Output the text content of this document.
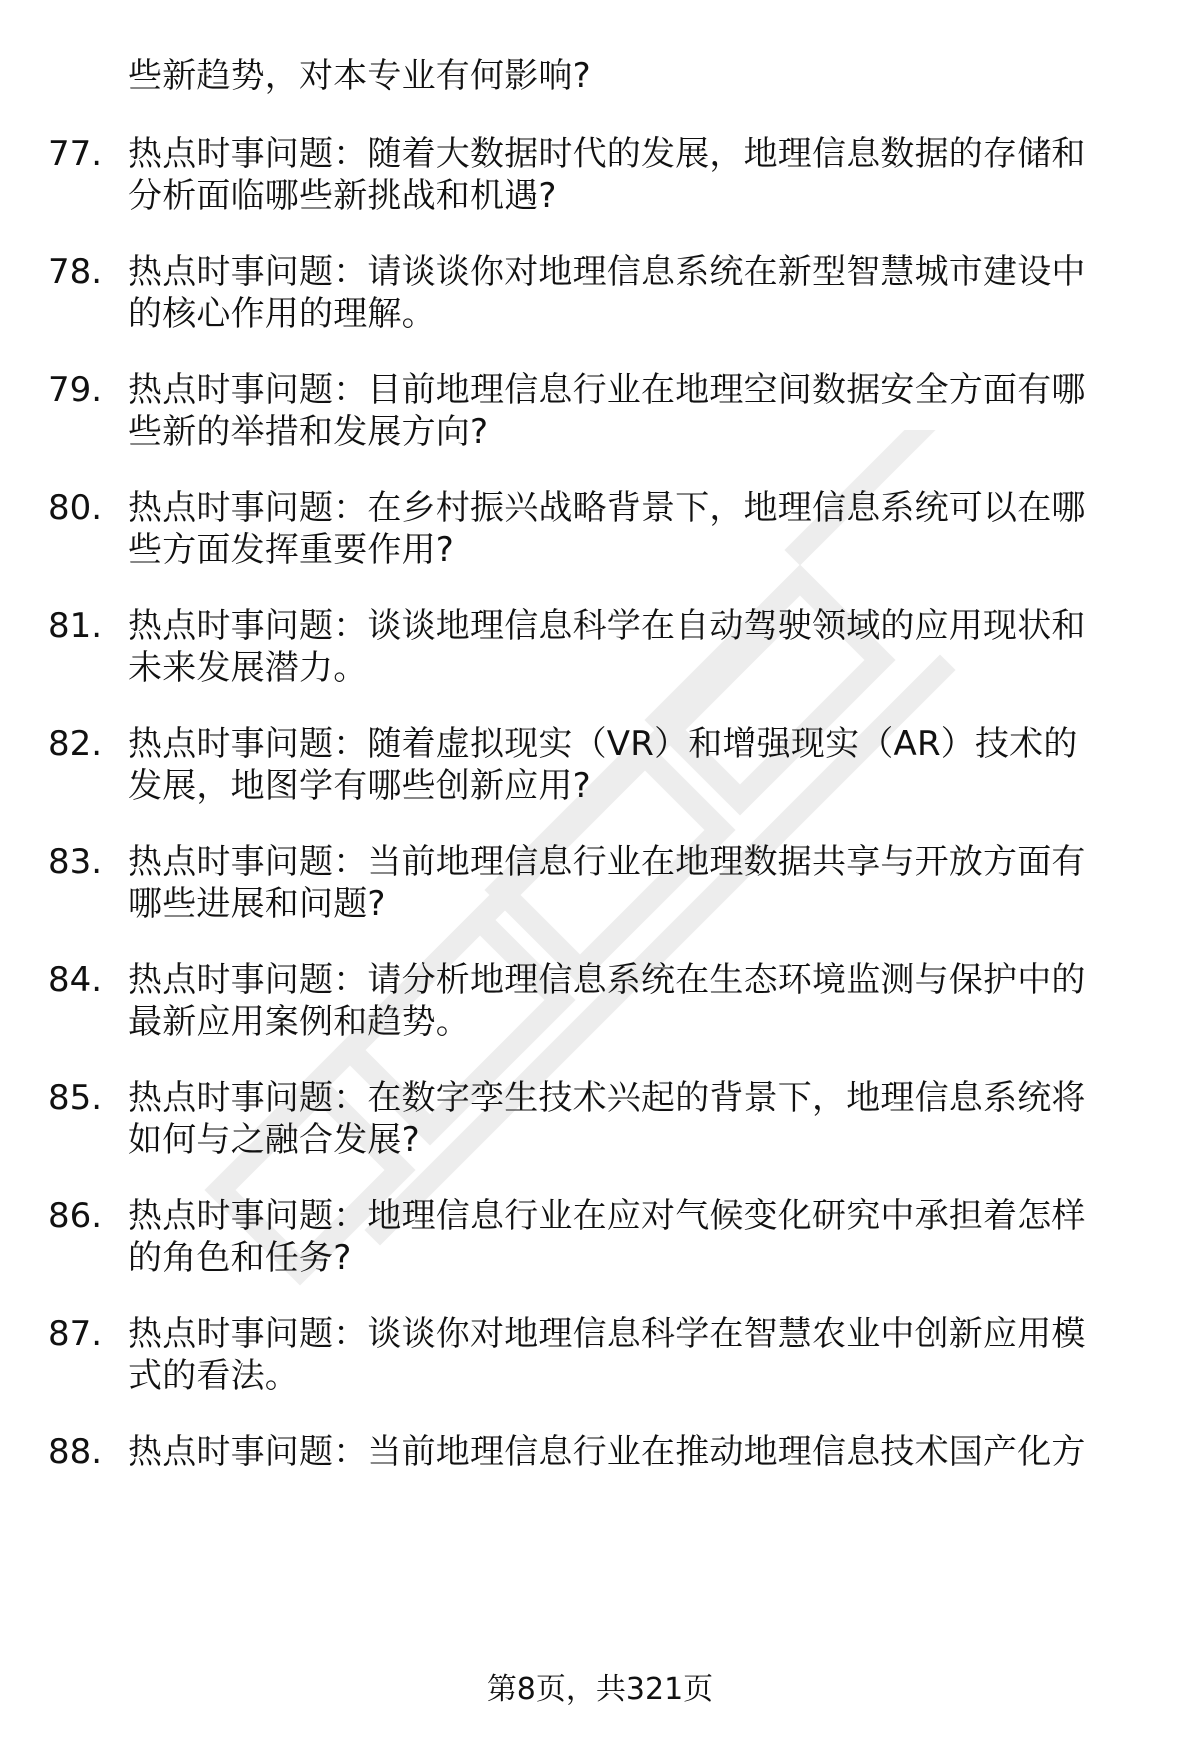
些新趋势，对本专业有何影响?
77. 热点时事问题：随着大数据时代的发展，地理信息数据的存储和
分析面临哪些新挑战和机遇?
78. 热点时事问题：请谈谈你对地理信息系统在新型智慧城市建设中
的核心作用的理解。
79. 热点时事问题：目前地理信息行业在地理空间数据安全方面有哪
些新的举措和发展方向?
80. 热点时事问题：在乡村振兴战略背景下，地理信息系统可以在哪
些方面发挥重要作用?
81. 热点时事问题：谈谈地理信息科学在自动驾驶领域的应用现状和
未来发展潜力。
82. 热点时事问题：随着虚拟现实（VR）和增强现实（AR）技术的
发展，地图学有哪些创新应用?
83. 热点时事问题：当前地理信息行业在地理数据共享与开放方面有
哪些进展和问题?
84. 热点时事问题：请分析地理信息系统在生态环境监测与保护中的
最新应用案例和趋势。
85. 热点时事问题：在数字孪生技术兴起的背景下，地理信息系统将
如何与之融合发展?
86. 热点时事问题：地理信息行业在应对气候变化研究中承担着怎样
的角色和任务?
87. 热点时事问题：谈谈你对地理信息科学在智慧农业中创新应用模
式的看法。
88. 热点时事问题：当前地理信息行业在推动地理信息技术国产化方
第8页，共321页
